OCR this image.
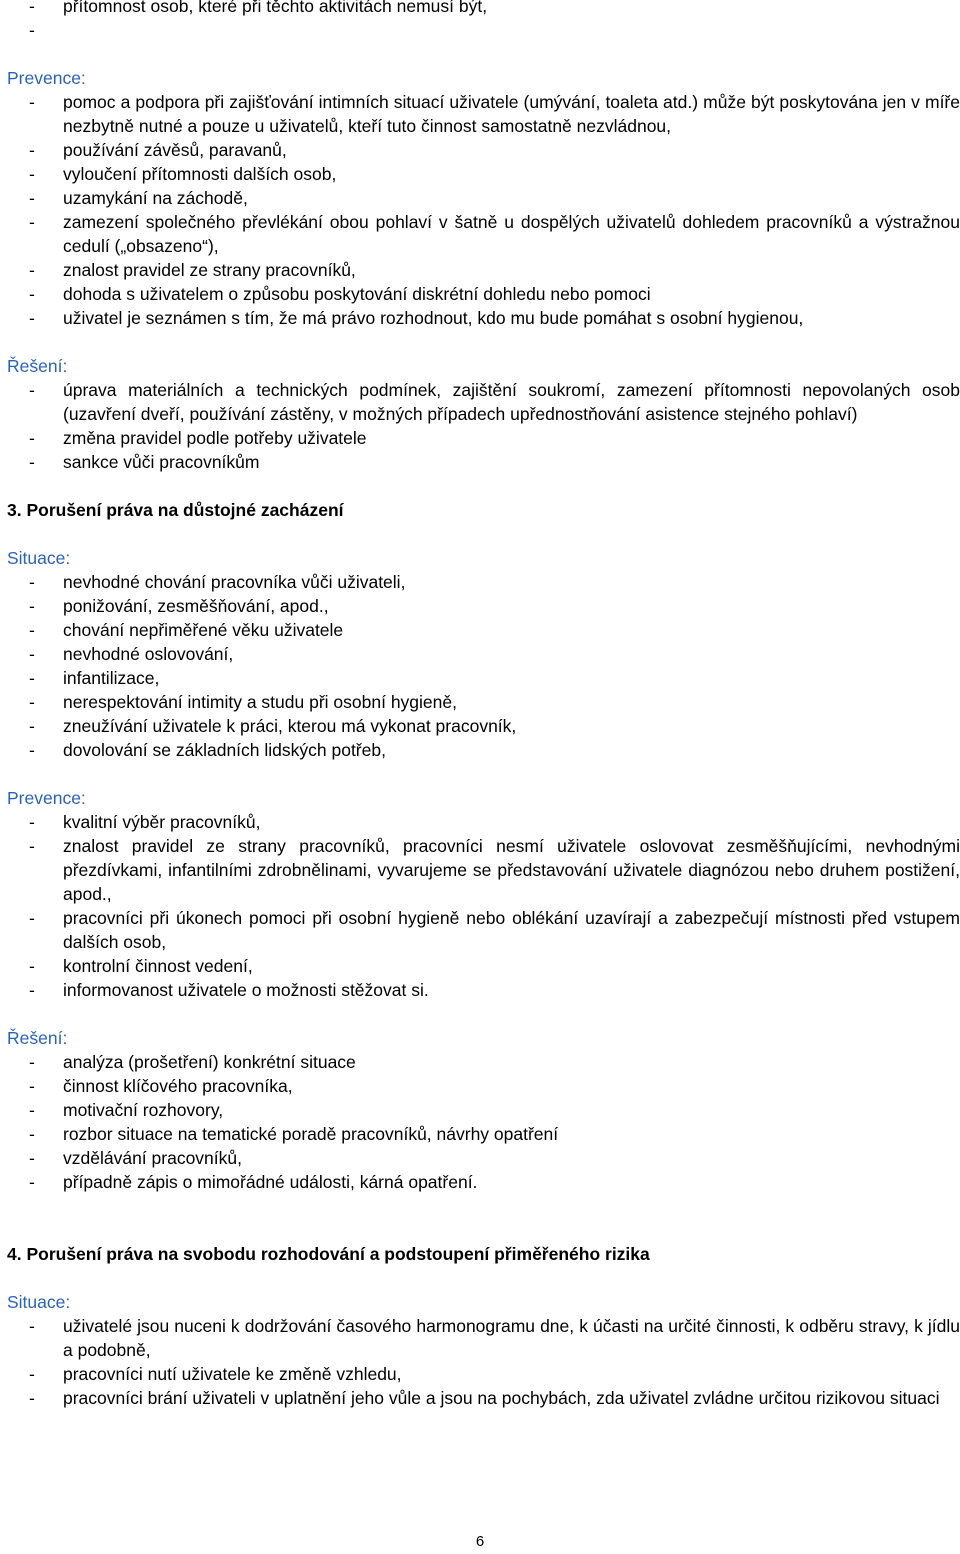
-	přítomnost osob, které při těchto aktivitách nemusí být,
-
Prevence:
-	pomoc a podpora při zajišťování intimních situací uživatele (umývání, toaleta atd.) může být poskytována jen v míře nezbytně nutné a pouze u uživatelů, kteří tuto činnost samostatně nezvládnou,
-	používání závěsů, paravanů,
-	vyloučení přítomnosti dalších osob,
-	uzamykání na záchodě,
-	zamezení společného převlékání obou pohlaví v šatně u dospělých uživatelů dohledem pracovníků a výstražnou cedulí („obsazeno“),
-	znalost pravidel ze strany pracovníků,
-	dohoda s uživatelem o způsobu poskytování diskrétní dohledu nebo pomoci
-	uživatel je seznámen s tím, že má právo rozhodnout, kdo mu bude pomáhat s osobní hygienou,
Řešení:
-	úprava materiálních a technických podmínek, zajištění soukromí, zamezení přítomnosti nepovolaných osob (uzavření dveří, používání zástěny, v možných případech upřednostňování asistence stejného pohlaví)
-	změna pravidel podle potřeby uživatele
-	sankce vůči pracovníkům
3. Porušení práva na důstojné zacházení
Situace:
-	nevhodné chování pracovníka vůči uživateli,
-	ponižování, zesměšňování, apod.,
-	chování nepřiměřené věku uživatele
-	nevhodné oslovování,
-	infantilizace,
-	nerespektování intimity a studu při osobní hygieně,
-	zneužívání uživatele k práci, kterou má vykonat pracovník,
-	dovolování se základních lidských potřeb,
Prevence:
-	kvalitní výběr pracovníků,
-	znalost pravidel ze strany pracovníků, pracovníci nesmí uživatele oslovovat zesměšňujícími, nevhodnými přezdívkami, infantilními zdrobnělinami, vyvarujeme se představování uživatele diagnózou nebo druhem postižení, apod.,
-	pracovníci při úkonech pomoci při osobní hygieně nebo oblékání uzavírají a zabezpečují místnosti před vstupem dalších osob,
-	kontrolní činnost vedení,
-	informovanost uživatele o možnosti stěžovat si.
Řešení:
-	analýza (prošetření) konkrétní situace
-	činnost klíčového pracovníka,
-	motivační rozhovory,
-	rozbor situace na tematické poradě pracovníků, návrhy opatření
-	vzdělávání pracovníků,
-	případně zápis o mimořádné události, kárná opatření.
4. Porušení práva na svobodu rozhodování a podstoupení přiměřeného rizika
Situace:
-	uživatelé jsou nuceni k dodržování časového harmonogramu dne, k účasti na určité činnosti, k odběru stravy, k jídlu a podobně,
-	pracovníci nutí uživatele ke změně vzhledu,
-	pracovníci brání uživateli v uplatnění jeho vůle a jsou na pochybách, zda uživatel zvládne určitou rizikovou situaci
6
